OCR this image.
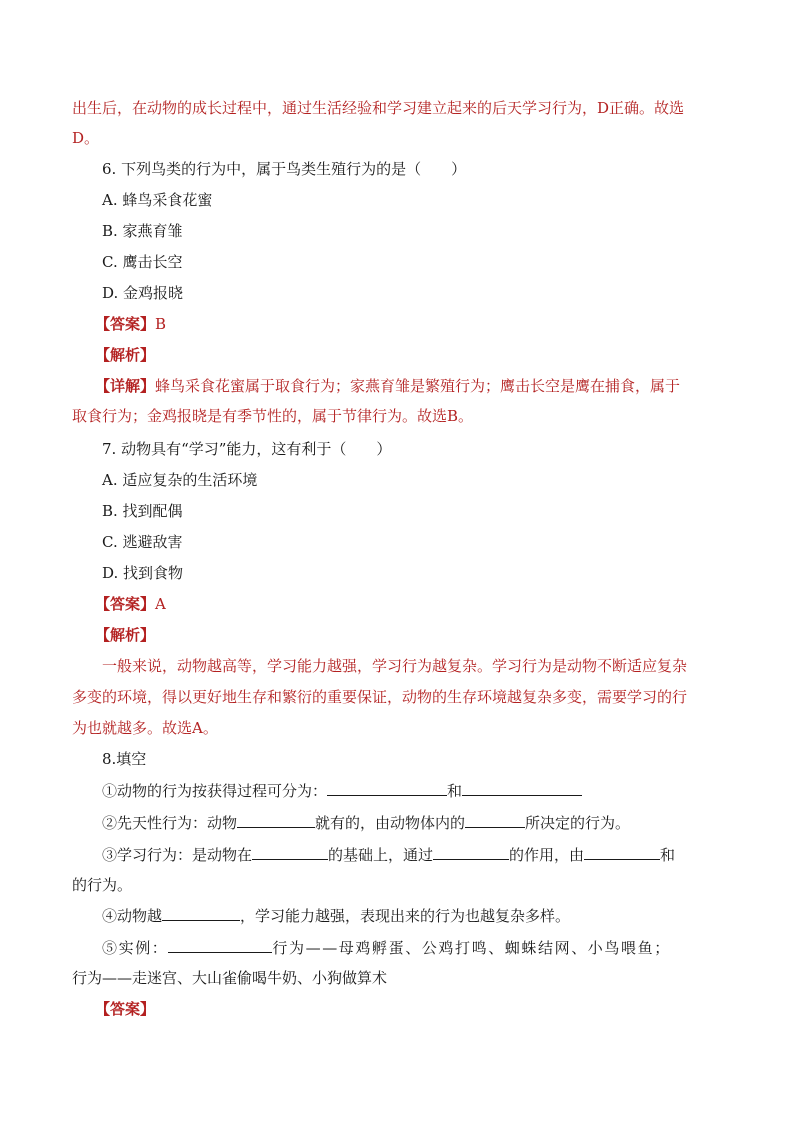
出生后，在动物的成长过程中，通过生活经验和学习建立起来的后天学习行为，D正确。故选
D。
6. 下列鸟类的行为中，属于鸟类生殖行为的是（　　）
A. 蜂鸟采食花蜜
B. 家燕育雏
C. 鹰击长空
D. 金鸡报晓
【答案】B
【解析】
【详解】蜂鸟采食花蜜属于取食行为；家燕育雏是繁殖行为；鹰击长空是鹰在捕食，属于
取食行为；金鸡报晓是有季节性的，属于节律行为。故选B。
7. 动物具有“学习”能力，这有利于（　　）
A. 适应复杂的生活环境
B. 找到配偶
C. 逃避敌害
D. 找到食物
【答案】A
【解析】
一般来说，动物越高等，学习能力越强，学习行为越复杂。学习行为是动物不断适应复杂
多变的环境，得以更好地生存和繁衍的重要保证，动物的生存环境越复杂多变，需要学习的行
为也就越多。故选A。
8.填空
①动物的行为按获得过程可分为：	和
②先天性行为：动物	就有的，由动物体内的	所决定的行为。
③学习行为：是动物在	的基础上，通过	的作用，由	和
的行为。
④动物越	，学习能力越强，表现出来的行为也越复杂多样。
⑤实例：	行为——母鸡孵蛋、公鸡打鸣、蜘蛛结网、小鸟喂鱼；
行为——走迷宫、大山雀偷喝牛奶、小狗做算术
【答案】
